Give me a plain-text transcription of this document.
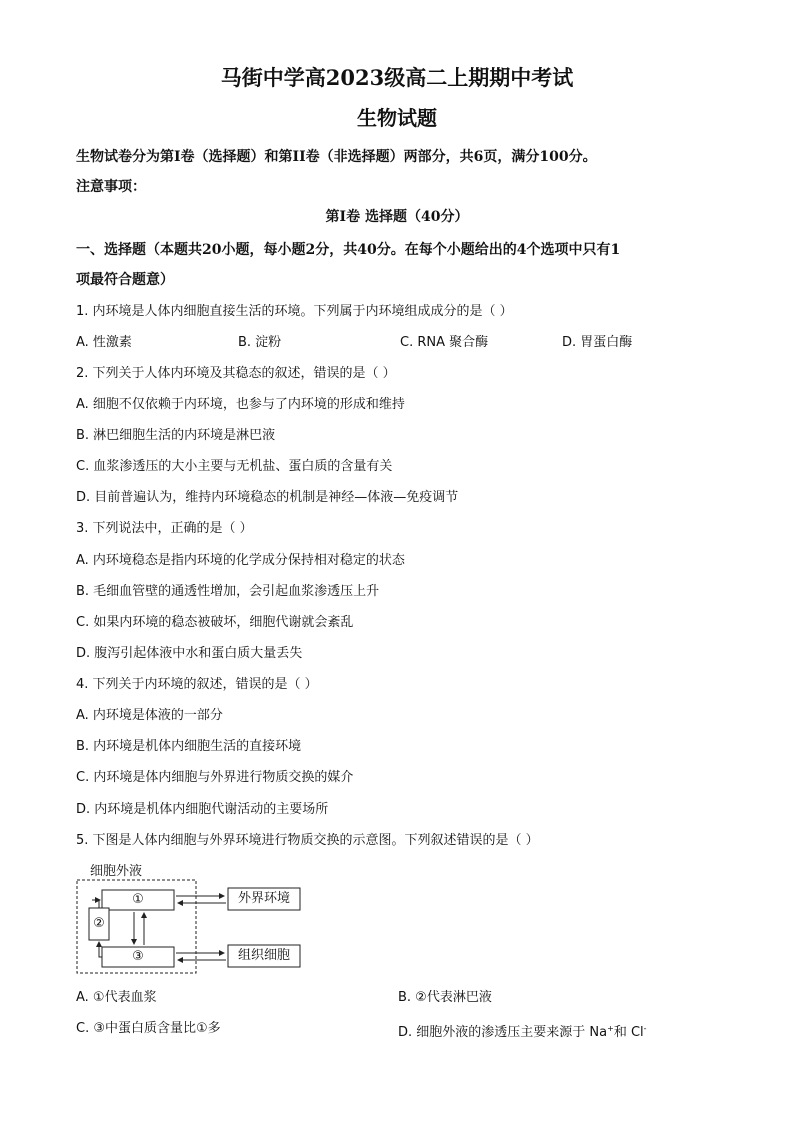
马街中学高2023级高二上期期中考试
生物试题
生物试卷分为第I卷（选择题）和第II卷（非选择题）两部分，共6页，满分100分。
注意事项：
第I卷 选择题（40分）
一、选择题（本题共20小题，每小题2分，共40分。在每个小题给出的4个选项中只有1
项最符合题意）
1. 内环境是人体内细胞直接生活的环境。下列属于内环境组成成分的是（ ）
A. 性激素	B. 淀粉	C. RNA 聚合酶	D. 胃蛋白酶
2. 下列关于人体内环境及其稳态的叙述，错误的是（ ）
A. 细胞不仅依赖于内环境，也参与了内环境的形成和维持
B. 淋巴细胞生活的内环境是淋巴液
C. 血浆渗透压的大小主要与无机盐、蛋白质的含量有关
D. 目前普遍认为，维持内环境稳态的机制是神经—体液—免疫调节
3. 下列说法中，正确的是（ ）
A. 内环境稳态是指内环境的化学成分保持相对稳定的状态
B. 毛细血管壁的通透性增加，会引起血浆渗透压上升
C. 如果内环境的稳态被破坏，细胞代谢就会紊乱
D. 腹泻引起体液中水和蛋白质大量丢失
4. 下列关于内环境的叙述，错误的是（ ）
A. 内环境是体液的一部分
B. 内环境是机体内细胞生活的直接环境
C. 内环境是体内细胞与外界进行物质交换的媒介
D. 内环境是机体内细胞代谢活动的主要场所
5. 下图是人体内细胞与外界环境进行物质交换的示意图。下列叙述错误的是（ ）
细胞外液
①
②
③
外界环境
组织细胞
A. ①代表血浆	B. ②代表淋巴液
C. ③中蛋白质含量比①多	D. 细胞外液的渗透压主要来源于 Na+和 Cl-
